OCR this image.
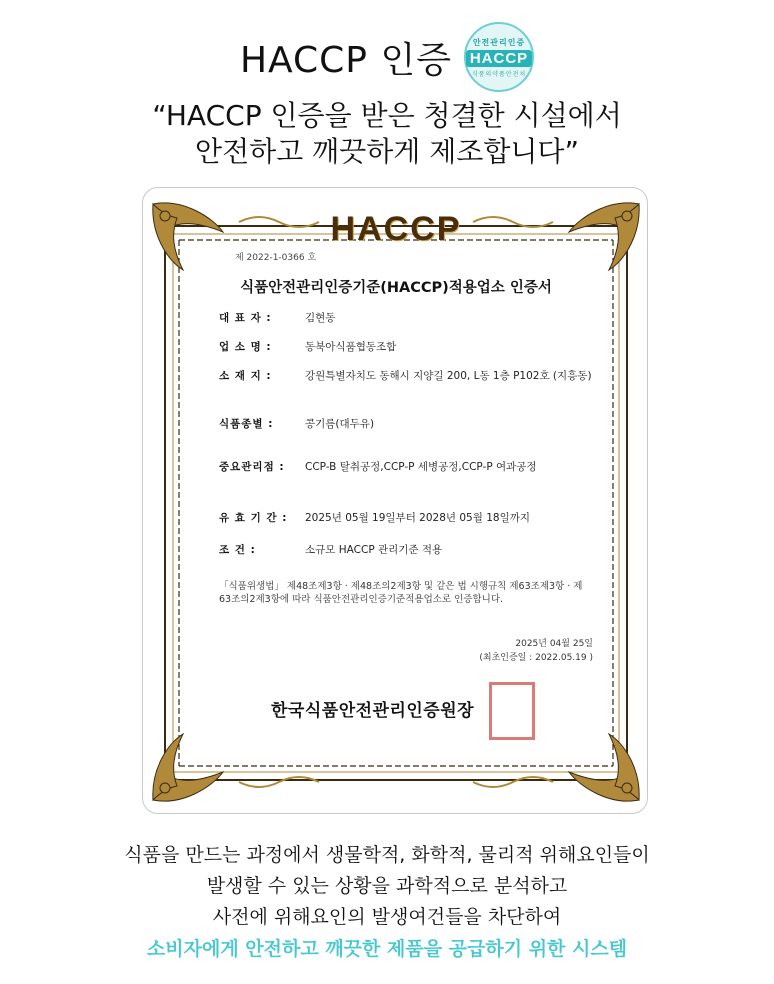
HACCP 인증	안전관리인증
HACCP
식품의약품안전처
“HACCP 인증을 받은 청결한 시설에서
안전하고 깨끗하게 제조합니다”
HACCP
제 2022-1-0366 호
식품안전관리인증기준(HACCP)적용업소 인증서
대 표 자 :	김현동
업 소 명 :	동북아식품협동조합
소 재 지 :	강원특별자치도 동해시 지양길 200, L동 1층 P102호 (지흥동)
식품종별 :	콩기름(대두유)
중요관리점 :	CCP-B 탈취공정,CCP-P 세병공정,CCP-P 여과공정
유 효 기 간 :	2025년 05월 19일부터 2028년 05월 18일까지
조 건 :	소규모 HACCP 관리기준 적용
「식품위생법」 제48조제3항 · 제48조의2제3항 및 같은 법 시행규칙 제63조제3항 · 제63조의2제3항에 따라 식품안전관리인증기준적용업소로 인증합니다.
2025년 04월 25일
(최초인증일 : 2022.05.19 )
한국식품안전관리인증원장
식품을 만드는 과정에서 생물학적, 화학적, 물리적 위해요인들이
발생할 수 있는 상황을 과학적으로 분석하고
사전에 위해요인의 발생여건들을 차단하여
소비자에게 안전하고 깨끗한 제품을 공급하기 위한 시스템
